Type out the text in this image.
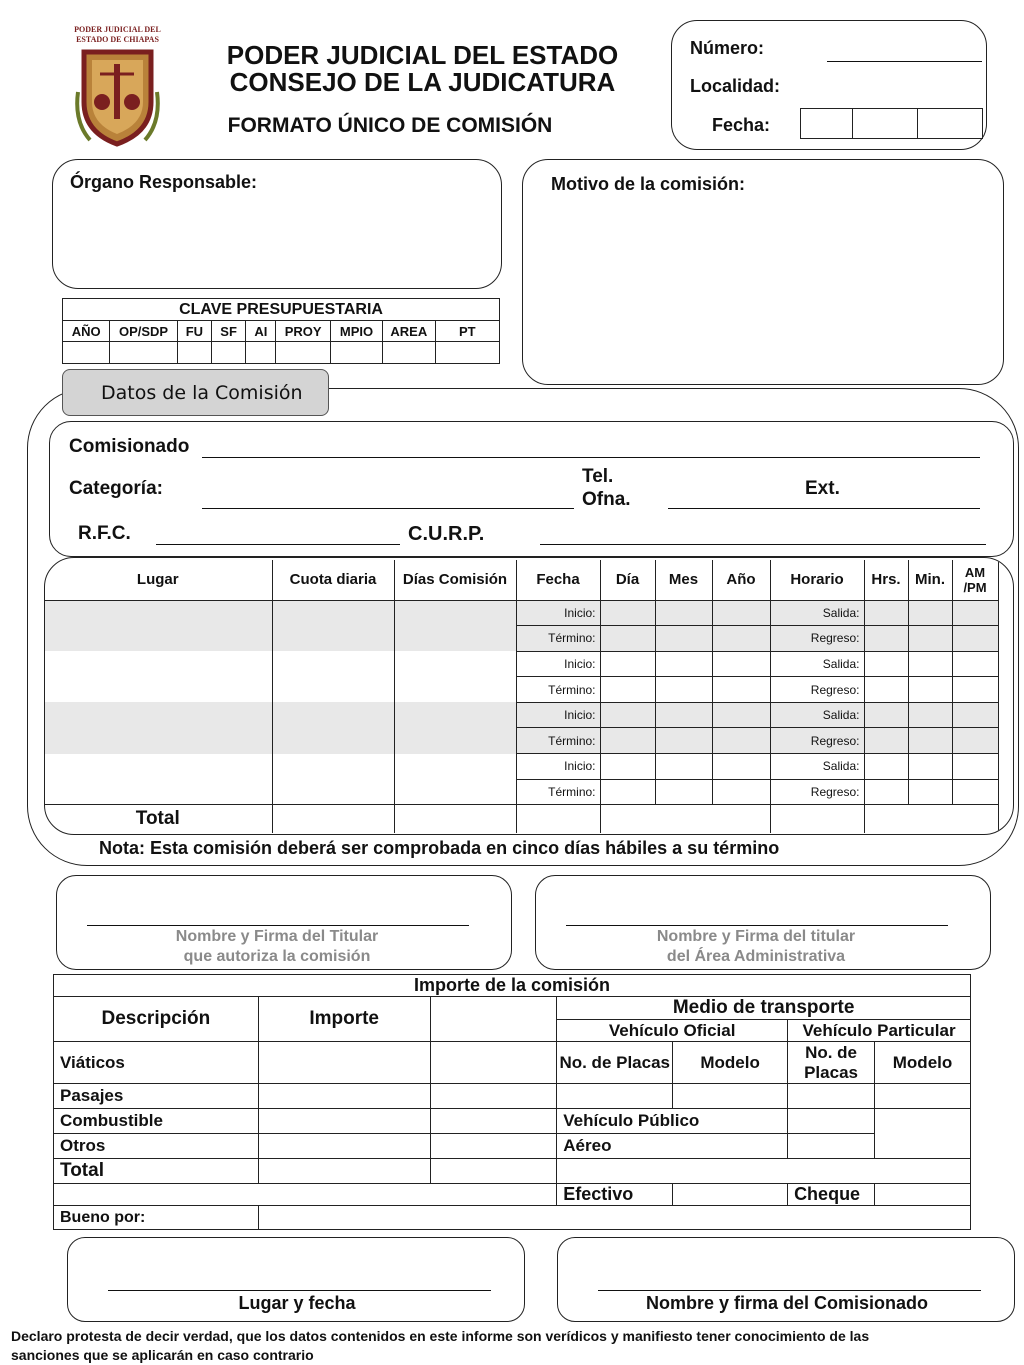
PODER JUDICIAL DEL ESTADO DE CHIAPAS
PODER JUDICIAL DEL ESTADO
CONSEJO DE LA JUDICATURA
FORMATO ÚNICO DE COMISIÓN
Número:
Localidad:
Fecha:

Órgano Responsable:	Motivo de la comisión:
CLAVE PRESUPUESTARIA								
AÑO	OP/SDP	FU	SF	AI	PROY	MPIO	AREA	PT

Datos de la Comisión
Comisionado
Categoría:
Tel.
Ofna.
Ext.
R.F.C.	C.U.R.P.
Lugar	Cuota diaria	Días Comisión	Fecha	Día	Mes	Año	Horario	Hrs.	Min.	AM /PM
			Inicio:				Salida:			
			Término:				Regreso:			
			Inicio:				Salida:			
			Término:				Regreso:			
			Inicio:				Salida:			
			Término:				Regreso:			
			Inicio:				Salida:			
			Término:				Regreso:			
Total										
Nota: Esta comisión deberá ser comprobada en cinco días hábiles a su término
Nombre y Firma del Titular
que autoriza la comisión
Nombre y Firma del titular
del Área Administrativa
Importe de la comisión						
Descripción	Importe		Medio de transporte			
			Vehículo Oficial		Vehículo Particular	
Viáticos			No. de Placas	Modelo	No. de Placas	Modelo
Pasajes						
Combustible			Vehículo Público			
Otros			Aéreo			
Total						
			Efectivo		Cheque	
Bueno por:						
Lugar y fecha	Nombre y firma del Comisionado
Declaro protesta de decir verdad, que los datos contenidos en este informe son verídicos y manifiesto tener conocimiento de las
sanciones que se aplicarán en caso contrario
